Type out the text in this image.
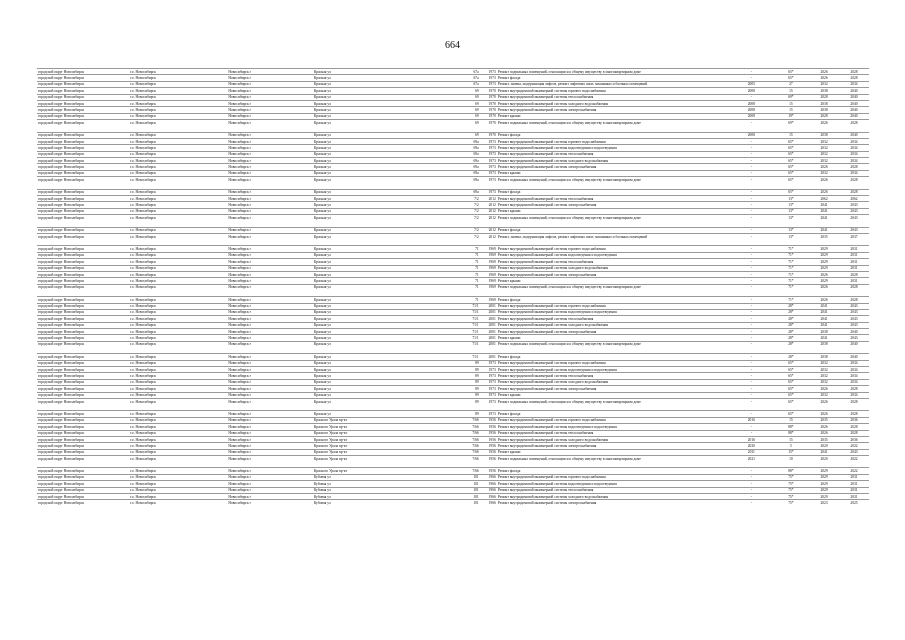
664
городской округ Новосибирск	г.о. Новосибирск	Новосибирск г	Красная ул	67а	1973	Ремонт подвальных помещений, относящихся к общему имуществу в многоквартирном доме	-	65*	2026	2028
городской округ Новосибирск	г.о. Новосибирск	Новосибирск г	Красная ул	67а	1973	Ремонт фасада	-	65*	2026	2028
городской округ Новосибирск	г.о. Новосибирск	Новосибирск г	Красная ул	67а	1973	Ремонт, замена, модернизация лифтов, ремонт лифтовых шахт, машинных и блочных помещений	2005	27	2032	2034
городской округ Новосибирск	г.о. Новосибирск	Новосибирск г	Красная ул	69	1970	Ремонт внутридомовой инженерной системы горячего водоснабжения	2008	15	2038	2040
городской округ Новосибирск	г.о. Новосибирск	Новосибирск г	Красная ул	69	1970	Ремонт внутридомовой инженерной системы теплоснабжения	-	69*	2028	2040
городской округ Новосибирск	г.о. Новосибирск	Новосибирск г	Красная ул	69	1970	Ремонт внутридомовой инженерной системы холодного водоснабжения	2008	15	2038	2040
городской округ Новосибирск	г.о. Новосибирск	Новосибирск г	Красная ул	69	1970	Ремонт внутридомовой инженерной системы электроснабжения	2008	15	2038	2040
городской округ Новосибирск	г.о. Новосибирск	Новосибирск г	Красная ул	69	1970	Ремонт крыши	2008	19*	2028	2040
городской округ Новосибирск	г.о. Новосибирск	Новосибирск г	Красная ул	69	1970	Ремонт подвальных помещений, относящихся к общему имуществу в многоквартирном доме	-	69*	2026	2028

городской округ Новосибирск	г.о. Новосибирск	Новосибирск г	Красная ул	69	1970	Ремонт фасада	2008	15	2038	2040
городской округ Новосибирск	г.о. Новосибирск	Новосибирск г	Красная ул	69а	1973	Ремонт внутридомовой инженерной системы горячего водоснабжения	-	65*	2032	2034
городской округ Новосибирск	г.о. Новосибирск	Новосибирск г	Красная ул	69а	1973	Ремонт внутридомовой инженерной системы водоотведения и водоотведения	-	65*	2032	2034
городской округ Новосибирск	г.о. Новосибирск	Новосибирск г	Красная ул	69а	1973	Ремонт внутридомовой инженерной системы теплоснабжения	-	65*	2032	2034
городской округ Новосибирск	г.о. Новосибирск	Новосибирск г	Красная ул	69а	1973	Ремонт внутридомовой инженерной системы холодного водоснабжения	-	65*	2032	2034
городской округ Новосибирск	г.о. Новосибирск	Новосибирск г	Красная ул	69а	1973	Ремонт внутридомовой инженерной системы электроснабжения	-	65*	2026	2028
городской округ Новосибирск	г.о. Новосибирск	Новосибирск г	Красная ул	69а	1973	Ремонт крыши	-	65*	2032	2034
городской округ Новосибирск	г.о. Новосибирск	Новосибирск г	Красная ул	69а	1973	Ремонт подвальных помещений, относящихся к общему имуществу в многоквартирном доме	-	65*	2026	2028

городской округ Новосибирск	г.о. Новосибирск	Новосибирск г	Красная ул	69а	1973	Ремонт фасада	-	65*	2026	2028
городской округ Новосибирск	г.о. Новосибирск	Новосибирск г	Красная ул	7/2	2012	Ремонт внутридомовой инженерной системы теплоснабжения	-	13*	2062	2062
городской округ Новосибирск	г.о. Новосибирск	Новосибирск г	Красная ул	7/2	2012	Ремонт внутридомовой инженерной системы электроснабжения	-	13*	2041	2043
городской округ Новосибирск	г.о. Новосибирск	Новосибирск г	Красная ул	7/2	2012	Ремонт крыши	-	13*	2041	2043
городской округ Новосибирск	г.о. Новосибирск	Новосибирск г	Красная ул	7/2	2012	Ремонт подвальных помещений, относящихся к общему имуществу в многоквартирном доме	-	13*	2041	2043

городской округ Новосибирск	г.о. Новосибирск	Новосибирск г	Красная ул	7/2	2012	Ремонт фасада	-	13*	2041	2043
городской округ Новосибирск	г.о. Новосибирск	Новосибирск г	Красная ул	7/2	2012	Ремонт, замена, модернизация лифтов, ремонт лифтовых шахт, машинных и блочных помещений	-	13*	2035	2037

городской округ Новосибирск	г.о. Новосибирск	Новосибирск г	Красная ул	71	1969	Ремонт внутридомовой инженерной системы горячего водоснабжения	-	71*	2029	2031
городской округ Новосибирск	г.о. Новосибирск	Новосибирск г	Красная ул	71	1969	Ремонт внутридомовой инженерной системы водоотведения и водоотведения	-	71*	2029	2031
городской округ Новосибирск	г.о. Новосибирск	Новосибирск г	Красная ул	71	1969	Ремонт внутридомовой инженерной системы теплоснабжения	-	71*	2029	2031
городской округ Новосибирск	г.о. Новосибирск	Новосибирск г	Красная ул	71	1969	Ремонт внутридомовой инженерной системы холодного водоснабжения	-	71*	2029	2031
городской округ Новосибирск	г.о. Новосибирск	Новосибирск г	Красная ул	71	1969	Ремонт внутридомовой инженерной системы электроснабжения	-	71*	2026	2028
городской округ Новосибирск	г.о. Новосибирск	Новосибирск г	Красная ул	71	1969	Ремонт крыши	-	71*	2029	2031
городской округ Новосибирск	г.о. Новосибирск	Новосибирск г	Красная ул	71	1969	Ремонт подвальных помещений, относящихся к общему имуществу в многоквартирном доме	-	71*	2026	2028

городской округ Новосибирск	г.о. Новосибирск	Новосибирск г	Красная ул	71	1969	Ремонт фасада	-	71*	2026	2028
городской округ Новосибирск	г.о. Новосибирск	Новосибирск г	Красная ул	71/1	2001	Ремонт внутридомовой инженерной системы горячего водоснабжения	-	28*	2041	2043
городской округ Новосибирск	г.о. Новосибирск	Новосибирск г	Красная ул	71/1	2001	Ремонт внутридомовой инженерной системы водоотведения и водоотведения	-	28*	2041	2043
городской округ Новосибирск	г.о. Новосибирск	Новосибирск г	Красная ул	71/1	2001	Ремонт внутридомовой инженерной системы теплоснабжения	-	28*	2041	2043
городской округ Новосибирск	г.о. Новосибирск	Новосибирск г	Красная ул	71/1	2001	Ремонт внутридомовой инженерной системы холодного водоснабжения	-	28*	2041	2043
городской округ Новосибирск	г.о. Новосибирск	Новосибирск г	Красная ул	71/1	2001	Ремонт внутридомовой инженерной системы электроснабжения	-	28*	2038	2040
городской округ Новосибирск	г.о. Новосибирск	Новосибирск г	Красная ул	71/1	2001	Ремонт крыши	-	28*	2041	2043
городской округ Новосибирск	г.о. Новосибирск	Новосибирск г	Красная ул	71/1	2001	Ремонт подвальных помещений, относящихся к общему имуществу в многоквартирном доме	-	28*	2038	2040

городской округ Новосибирск	г.о. Новосибирск	Новосибирск г	Красная ул	71/1	2001	Ремонт фасада	-	28*	2038	2040
городской округ Новосибирск	г.о. Новосибирск	Новосибирск г	Красная ул	89	1973	Ремонт внутридомовой инженерной системы горячего водоснабжения	-	65*	2032	2034
городской округ Новосибирск	г.о. Новосибирск	Новосибирск г	Красная ул	89	1973	Ремонт внутридомовой инженерной системы водоотведения и водоотведения	-	65*	2032	2034
городской округ Новосибирск	г.о. Новосибирск	Новосибирск г	Красная ул	89	1973	Ремонт внутридомовой инженерной системы теплоснабжения	-	65*	2032	2034
городской округ Новосибирск	г.о. Новосибирск	Новосибирск г	Красная ул	89	1973	Ремонт внутридомовой инженерной системы холодного водоснабжения	-	65*	2032	2034
городской округ Новосибирск	г.о. Новосибирск	Новосибирск г	Красная ул	89	1973	Ремонт внутридомовой инженерной системы электроснабжения	-	65*	2026	2028
городской округ Новосибирск	г.о. Новосибирск	Новосибирск г	Красная ул	89	1973	Ремонт крыши	-	65*	2032	2034
городской округ Новосибирск	г.о. Новосибирск	Новосибирск г	Красная ул	89	1973	Ремонт подвальных помещений, относящихся к общему имуществу в многоквартирном доме	-	65*	2026	2028

городской округ Новосибирск	г.о. Новосибирск	Новосибирск г	Красная ул	89	1973	Ремонт фасада	-	65*	2026	2028
городской округ Новосибирск	г.о. Новосибирск	Новосибирск г	Красного Урала пр-кт	7/66	1956	Ремонт внутридомовой инженерной системы горячего водоснабжения	2016	15	2035	2036
городской округ Новосибирск	г.о. Новосибирск	Новосибирск г	Красного Урала пр-кт	7/66	1956	Ремонт внутридомовой инженерной системы водоотведения и водоотведения	-	88*	2026	2028
городской округ Новосибирск	г.о. Новосибирск	Новосибирск г	Красного Урала пр-кт	7/66	1956	Ремонт внутридомовой инженерной системы теплоснабжения	-	88*	2026	2028
городской округ Новосибирск	г.о. Новосибирск	Новосибирск г	Красного Урала пр-кт	7/66	1956	Ремонт внутридомовой инженерной системы холодного водоснабжения	2016	15	2035	2036
городской округ Новосибирск	г.о. Новосибирск	Новосибирск г	Красного Урала пр-кт	7/66	1956	Ремонт внутридомовой инженерной системы электроснабжения	2020	5	2020	2022
городской округ Новосибирск	г.о. Новосибирск	Новосибирск г	Красного Урала пр-кт	7/66	1956	Ремонт крыши	2011	15*	2041	2043
городской округ Новосибирск	г.о. Новосибирск	Новосибирск г	Красного Урала пр-кт	7/66	1956	Ремонт подвальных помещений, относящихся к общему имуществу в многоквартирном доме	2021	10	2020	2022

городской округ Новосибирск	г.о. Новосибирск	Новосибирск г	Красного Урала пр-кт	7/66	1956	Ремонт фасада	-	88*	2029	2022
городской округ Новосибирск	г.о. Новосибирск	Новосибирск г	Кубовая ул	101	1966	Ремонт внутридомовой инженерной системы горячего водоснабжения	-	75*	2029	2031
городской округ Новосибирск	г.о. Новосибирск	Новосибирск г	Кубовая ул	101	1966	Ремонт внутридомовой инженерной системы водоотведения и водоотведения	-	75*	2029	2031
городской округ Новосибирск	г.о. Новосибирск	Новосибирск г	Кубовая ул	101	1966	Ремонт внутридомовой инженерной системы теплоснабжения	-	75*	2029	2031
городской округ Новосибирск	г.о. Новосибирск	Новосибирск г	Кубовая ул	101	1966	Ремонт внутридомовой инженерной системы холодного водоснабжения	-	75*	2029	2031
городской округ Новосибирск	г.о. Новосибирск	Новосибирск г	Кубовая ул	101	1966	Ремонт внутридомовой инженерной системы электроснабжения	-	75*	2023	2025
